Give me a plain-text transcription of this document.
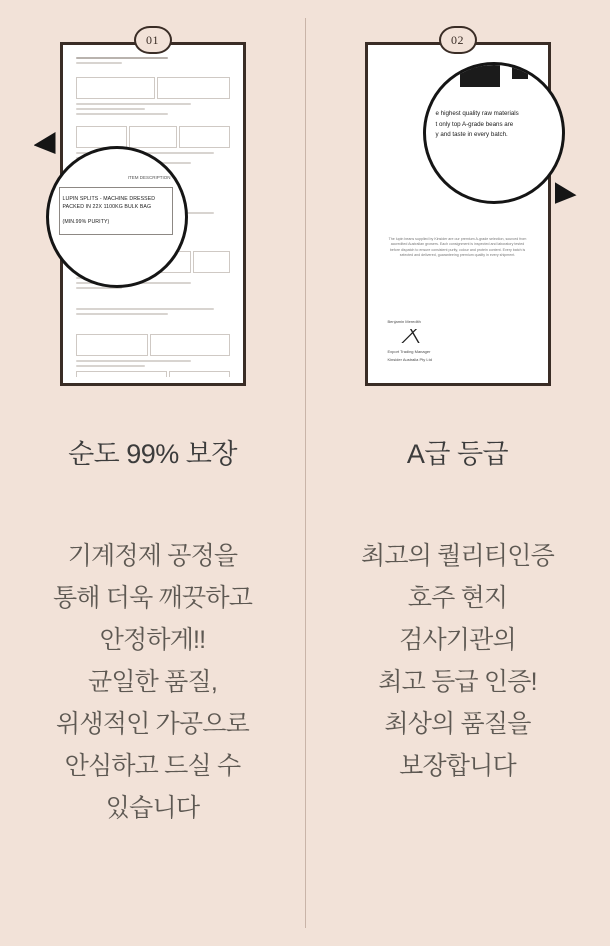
01
ITEM DESCRIPTION
LUPIN SPLITS - MACHINE DRESSED
PACKED IN 22X 1100KG BULK BAG
(MIN.99% PURITY)
순도 99% 보장
기계정제 공정을
통해 더욱 깨끗하고
안정하게!!
균일한 품질,
위생적인 가공으로
안심하고 드실 수
있습니다
The lupin beans supplied by Kinsider are our premium A-grade selection, sourced from accredited Australian growers. Each consignment is inspected and laboratory tested before dispatch to ensure consistent purity, colour and protein content. Every batch is selected and delivered, guaranteeing premium quality in every shipment.
Benjamin Meredith
Export Trading Manager
Kinsider Australia Pty Ltd
02
e highest quality raw materials
t only top A-grade beans are
y and taste in every batch.
A급 등급
최고의 퀄리티인증
호주 현지
검사기관의
최고 등급 인증!
최상의 품질을
보장합니다
